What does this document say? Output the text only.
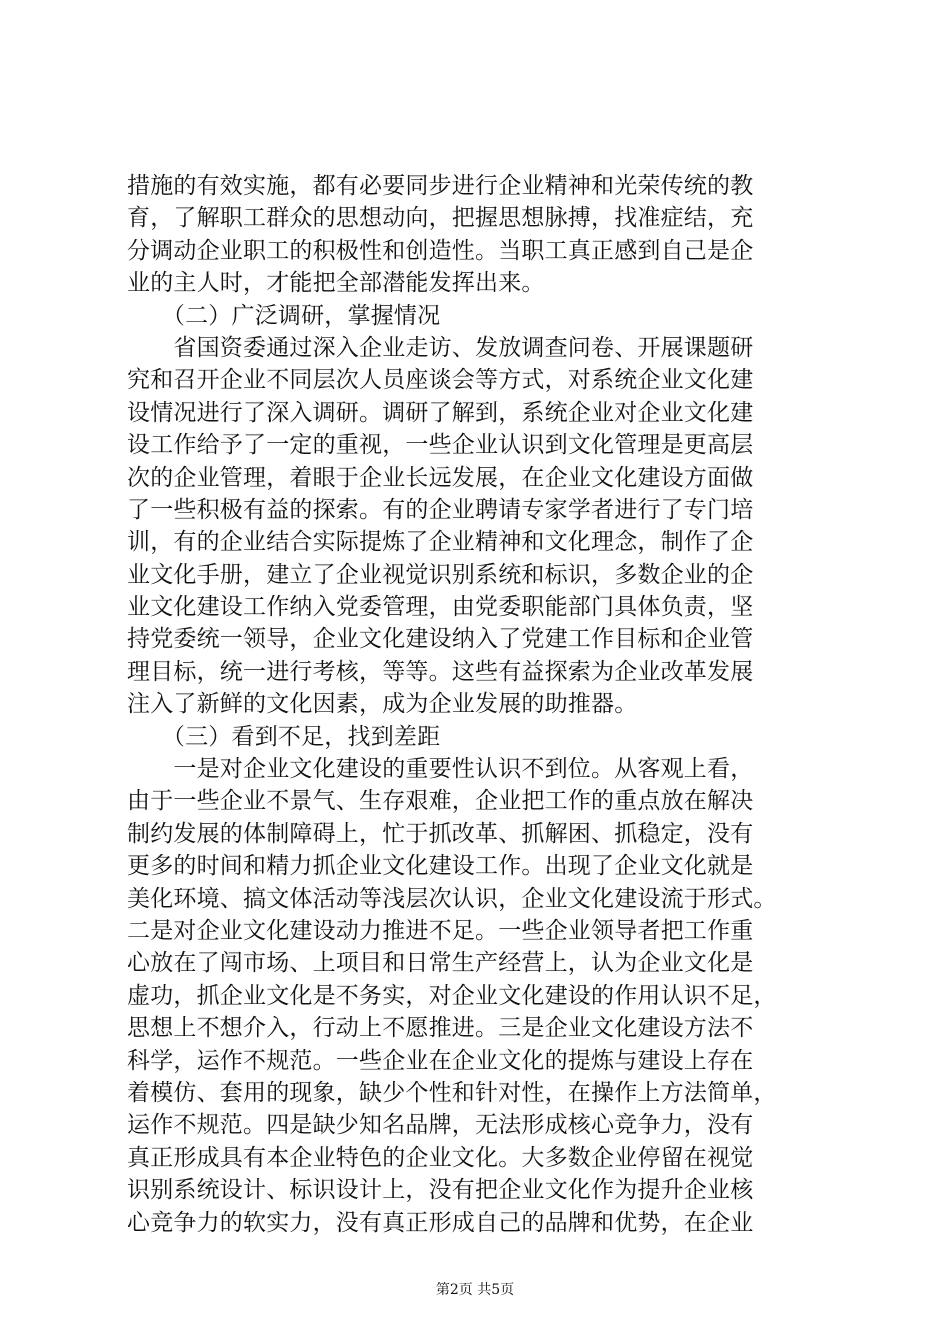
措施的有效实施，都有必要同步进行企业精神和光荣传统的教
育，了解职工群众的思想动向，把握思想脉搏，找准症结，充
分调动企业职工的积极性和创造性。当职工真正感到自己是企
业的主人时，才能把全部潜能发挥出来。
　　（二）广泛调研，掌握情况
　　省国资委通过深入企业走访、发放调查问卷、开展课题研
究和召开企业不同层次人员座谈会等方式，对系统企业文化建
设情况进行了深入调研。调研了解到，系统企业对企业文化建
设工作给予了一定的重视，一些企业认识到文化管理是更高层
次的企业管理，着眼于企业长远发展，在企业文化建设方面做
了一些积极有益的探索。有的企业聘请专家学者进行了专门培
训，有的企业结合实际提炼了企业精神和文化理念，制作了企
业文化手册，建立了企业视觉识别系统和标识，多数企业的企
业文化建设工作纳入党委管理，由党委职能部门具体负责，坚
持党委统一领导，企业文化建设纳入了党建工作目标和企业管
理目标，统一进行考核，等等。这些有益探索为企业改革发展
注入了新鲜的文化因素，成为企业发展的助推器。
　　（三）看到不足，找到差距
　　一是对企业文化建设的重要性认识不到位。从客观上看，
由于一些企业不景气、生存艰难，企业把工作的重点放在解决
制约发展的体制障碍上，忙于抓改革、抓解困、抓稳定，没有
更多的时间和精力抓企业文化建设工作。出现了企业文化就是
美化环境、搞文体活动等浅层次认识，企业文化建设流于形式。
二是对企业文化建设动力推进不足。一些企业领导者把工作重
心放在了闯市场、上项目和日常生产经营上，认为企业文化是
虚功，抓企业文化是不务实，对企业文化建设的作用认识不足，
思想上不想介入，行动上不愿推进。三是企业文化建设方法不
科学，运作不规范。一些企业在企业文化的提炼与建设上存在
着模仿、套用的现象，缺少个性和针对性，在操作上方法简单，
运作不规范。四是缺少知名品牌，无法形成核心竞争力，没有
真正形成具有本企业特色的企业文化。大多数企业停留在视觉
识别系统设计、标识设计上，没有把企业文化作为提升企业核
心竞争力的软实力，没有真正形成自己的品牌和优势，在企业
第2页 共5页
